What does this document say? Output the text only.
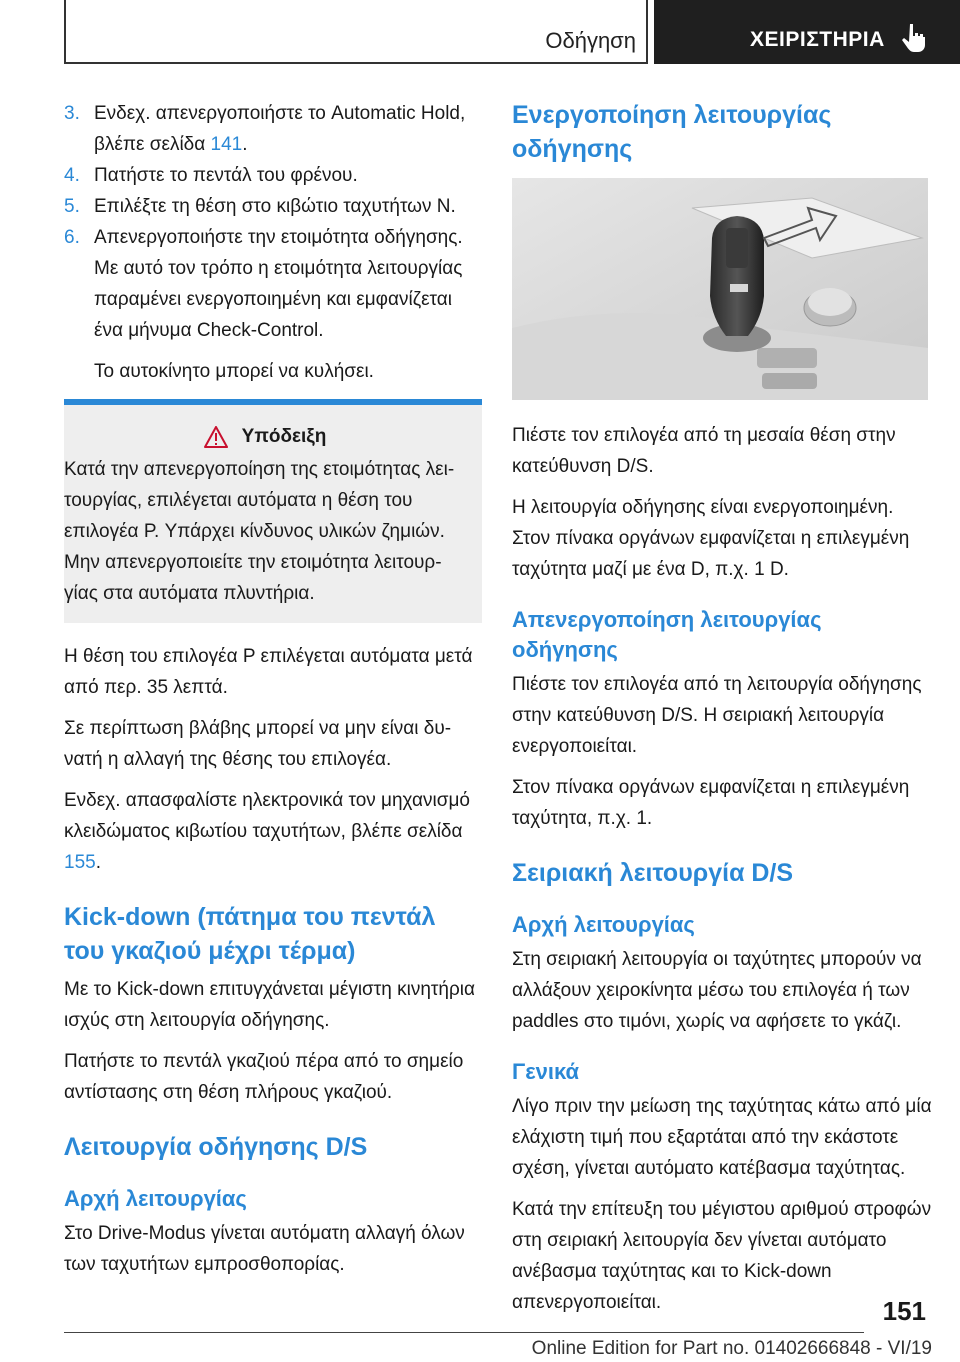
Οδήγηση	ΧΕΙΡΙΣΤΗΡΙΑ
3. Ενδεχ. απενεργοποιήστε το Automatic Hold, βλέπε σελίδα 141.
4. Πατήστε το πεντάλ του φρένου.
5. Επιλέξτε τη θέση στο κιβώτιο ταχυτήτων N.
6. Απενεργοποιήστε την ετοιμότητα οδήγησης.

Με αυτό τον τρόπο η ετοιμότητα λειτουργίας παραμένει ενεργοποιημένη και εμφανίζεται ένα μήνυμα Check-Control.

Το αυτοκίνητο μπορεί να κυλήσει.

Υπόδειξη
Κατά την απενεργοποίηση της ετοιμότητας λειτουργίας, επιλέγεται αυτόματα η θέση του επιλογέα P. Υπάρχει κίνδυνος υλικών ζημιών. Μην απενεργοποιείτε την ετοιμότητα λειτουργίας στα αυτόματα πλυντήρια.

Η θέση του επιλογέα P επιλέγεται αυτόματα μετά από περ. 35 λεπτά.

Σε περίπτωση βλάβης μπορεί να μην είναι δυνατή η αλλαγή της θέσης του επιλογέα.

Ενδεχ. απασφαλίστε ηλεκτρονικά τον μηχανισμό κλειδώματος κιβωτίου ταχυτήτων, βλέπε σελίδα 155.

Kick-down (πάτημα του πεντάλ του γκαζιού μέχρι τέρμα)

Με το Kick-down επιτυγχάνεται μέγιστη κινητήρια ισχύς στη λειτουργία οδήγησης.

Πατήστε το πεντάλ γκαζιού πέρα από το σημείο αντίστασης στη θέση πλήρους γκαζιού.

Λειτουργία οδήγησης D/S
Αρχή λειτουργίας

Στο Drive-Modus γίνεται αυτόματη αλλαγή όλων των ταχυτήτων εμπροσθοπορίας.

Ενεργοποίηση λειτουργίας οδήγησης

Πιέστε τον επιλογέα από τη μεσαία θέση στην κατεύθυνση D/S.

Η λειτουργία οδήγησης είναι ενεργοποιημένη. Στον πίνακα οργάνων εμφανίζεται η επιλεγμένη ταχύτητα μαζί με ένα D, π.χ. 1 D.

Απενεργοποίηση λειτουργίας οδήγησης

Πιέστε τον επιλογέα από τη λειτουργία οδήγησης στην κατεύθυνση D/S. Η σειριακή λειτουργία ενεργοποιείται.

Στον πίνακα οργάνων εμφανίζεται η επιλεγμένη ταχύτητα, π.χ. 1.

Σειριακή λειτουργία D/S
Αρχή λειτουργίας

Στη σειριακή λειτουργία οι ταχύτητες μπορούν να αλλάξουν χειροκίνητα μέσω του επιλογέα ή των paddles στο τιμόνι, χωρίς να αφήσετε το γκάζι.

Γενικά

Λίγο πριν την μείωση της ταχύτητας κάτω από μία ελάχιστη τιμή που εξαρτάται από την εκάστοτε σχέση, γίνεται αυτόματο κατέβασμα ταχύτητας.

Κατά την επίτευξη του μέγιστου αριθμού στροφών στη σειριακή λειτουργία δεν γίνεται αυτόματο ανέβασμα ταχύτητας και το Kick-down απενεργοποιείται.	151
Online Edition for Part no. 01402666848 - VI/19
